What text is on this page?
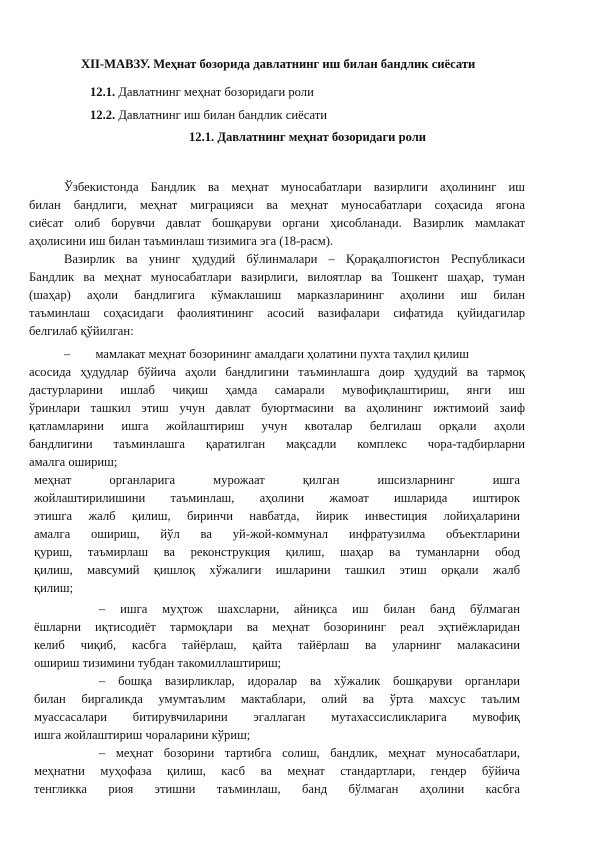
XII-МАВЗУ. Меҳнат бозорида давлатнинг иш билан бандлик сиёсати
12.1. Давлатнинг меҳнат бозоридаги роли
12.2. Давлатнинг иш билан бандлик сиёсати
12.1. Давлатнинг меҳнат бозоридаги роли
Ўзбекистонда Бандлик ва меҳнат муносабатлари вазирлиги аҳолининг иш
билан бандлиги, меҳнат миграцияси ва меҳнат муносабатлари соҳасида ягона
сиёсат олиб борувчи давлат бошқаруви органи ҳисобланади. Вазирлик мамлакат
аҳолисини иш билан таъминлаш тизимига эга (18-расм).
Вазирлик ва унинг ҳудудий бўлинмалари – Қорақалпоғистон Республикаси
Бандлик ва меҳнат муносабатлари вазирлиги, вилоятлар ва Тошкент шаҳар, туман
(шаҳар) аҳоли бандлигига кўмаклашиш марказларининг аҳолини иш билан
таъминлаш соҳасидаги фаолиятининг асосий вазифалари сифатида қуйидагилар
белгилаб қўйилган:
–        мамлакат меҳнат бозорининг амалдаги ҳолатини пухта таҳлил қилиш
асосида ҳудудлар бўйича аҳоли бандлигини таъминлашга доир ҳудудий ва тармоқ
дастурларини ишлаб чиқиш ҳамда самарали мувофиқлаштириш, янги иш
ўринлари ташкил этиш учун давлат буюртмасини ва аҳолининг ижтимоий заиф
қатламларини ишга жойлаштириш учун квоталар белгилаш орқали аҳоли
бандлигини таъминлашга қаратилган мақсадли комплекс чора-тадбирларни
амалга ошириш;
меҳнат органларига мурожаат қилган ишсизларнинг ишга
жойлаштирилишини таъминлаш, аҳолини жамоат ишларида иштирок
этишга жалб қилиш, биринчи навбатда, йирик инвестиция лойиҳаларини
амалга ошириш, йўл ва уй-жой-коммунал инфратузилма объектларини
қуриш, таъмирлаш ва реконструкция қилиш, шаҳар ва туманларни обод
қилиш, мавсумий қишлоқ хўжалиги ишларини ташкил этиш орқали жалб
қилиш;
– ишга муҳтож шахсларни, айниқса иш билан банд бўлмаган
ёшларни иқтисодиёт тармоқлари ва меҳнат бозорининг реал эҳтиёжларидан
келиб чиқиб, касбга тайёрлаш, қайта тайёрлаш ва уларнинг малакасини
ошириш тизимини тубдан такомиллаштириш;
– бошқа вазирликлар, идоралар ва хўжалик бошқаруви органлари
билан биргаликда умумтаълим мактаблари, олий ва ўрта махсус таълим
муассасалари битирувчиларини эгаллаган мутахассисликларига мувофиқ
ишга жойлаштириш чораларини кўриш;
– меҳнат бозорини тартибга солиш, бандлик, меҳнат муносабатлари,
меҳнатни муҳофаза қилиш, касб ва меҳнат стандартлари, гендер бўйича
тенгликка риоя этишни таъминлаш, банд бўлмаган аҳолини касбга
